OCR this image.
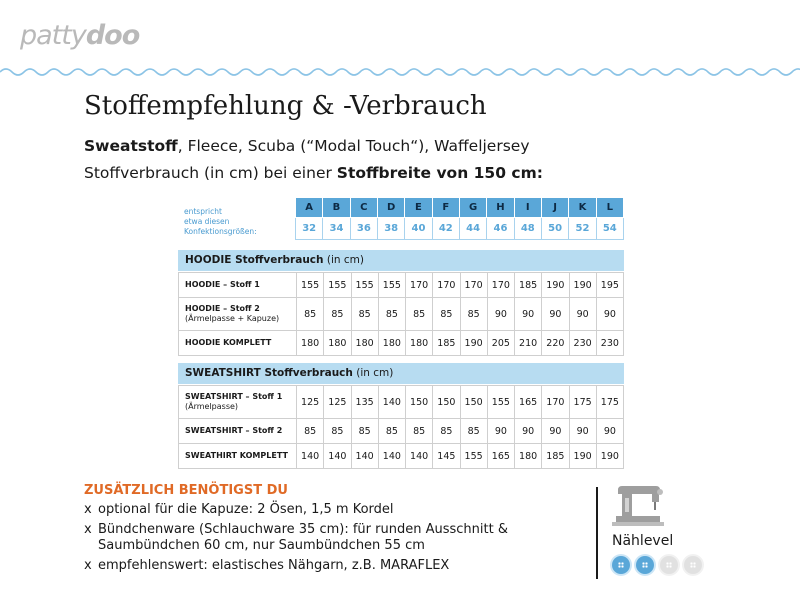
pattydoo
Stoffempfehlung & -Verbrauch
Sweatstoff, Fleece, Scuba (“Modal Touch“), Waffeljersey
Stoffverbrauch (in cm) bei einer Stoffbreite von 150 cm:
entspricht
etwa diesen
Konfektionsgrößen:
A	B	C	D	E	F	G	H	I	J	K	L
32	34	36	38	40	42	44	46	48	50	52	54
HOODIE Stoffverbrauch (in cm)
HOODIE – Stoff 1	155	155	155	155	170	170	170	170	185	190	190	195

HOODIE – Stoff 2
(Ärmelpasse + Kapuze)	85	85	85	85	85	85	85	90	90	90	90	90

HOODIE KOMPLETT	180	180	180	180	180	185	190	205	210	220	230	230
SWEATSHIRT Stoffverbrauch (in cm)
SWEATSHIRT – Stoff 1
(Ärmelpasse)	125	125	135	140	150	150	150	155	165	170	175	175

SWEATSHIRT – Stoff 2	85	85	85	85	85	85	85	90	90	90	90	90

SWEATHIRT KOMPLETT	140	140	140	140	140	145	155	165	180	185	190	190
ZUSÄTZLICH BENÖTIGST DU
x optional für die Kapuze: 2 Ösen, 1,5 m Kordel
x Bündchenware (Schlauchware 35 cm): für runden Ausschnitt & Saumbündchen 60 cm, nur Saumbündchen 55 cm
x empfehlenswert: elastisches Nähgarn, z.B. MARAFLEX
Nählevel
